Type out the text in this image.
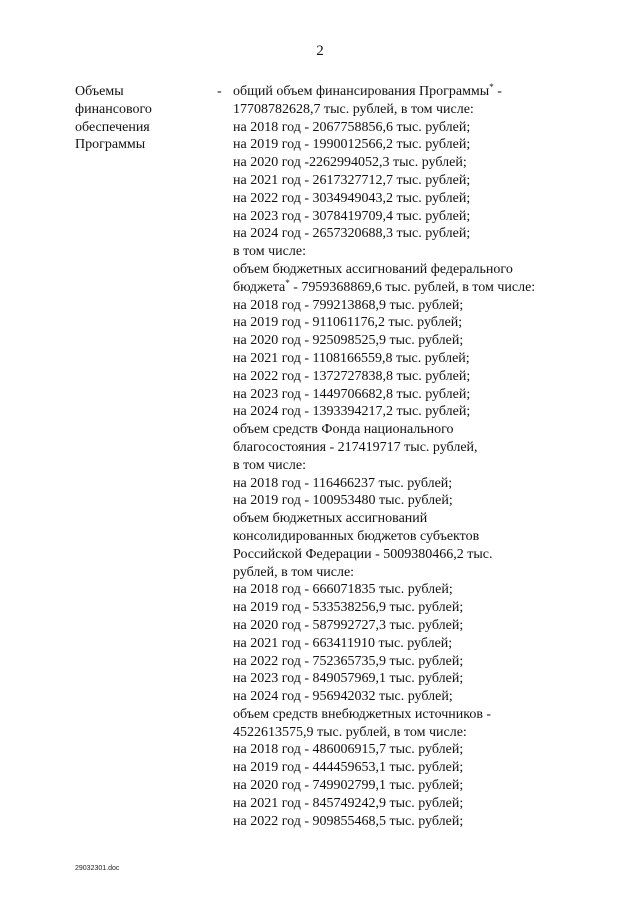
2
Объемы
финансового
обеспечения
Программы
- общий объем финансирования Программы* -
17708782628,7 тыс. рублей, в том числе:
на 2018 год - 2067758856,6 тыс. рублей;
на 2019 год - 1990012566,2 тыс. рублей;
на 2020 год -2262994052,3 тыс. рублей;
на 2021 год - 2617327712,7 тыс. рублей;
на 2022 год - 3034949043,2 тыс. рублей;
на 2023 год - 3078419709,4 тыс. рублей;
на 2024 год - 2657320688,3 тыс. рублей;
в том числе:
объем бюджетных ассигнований федерального
бюджета* - 7959368869,6 тыс. рублей, в том числе:
на 2018 год - 799213868,9 тыс. рублей;
на 2019 год - 911061176,2 тыс. рублей;
на 2020 год - 925098525,9 тыс. рублей;
на 2021 год - 1108166559,8 тыс. рублей;
на 2022 год - 1372727838,8 тыс. рублей;
на 2023 год - 1449706682,8 тыс. рублей;
на 2024 год - 1393394217,2 тыс. рублей;
объем средств Фонда национального
благосостояния - 217419717 тыс. рублей,
в том числе:
на 2018 год - 116466237 тыс. рублей;
на 2019 год - 100953480 тыс. рублей;
объем бюджетных ассигнований
консолидированных бюджетов субъектов
Российской Федерации - 5009380466,2 тыс.
рублей, в том числе:
на 2018 год - 666071835 тыс. рублей;
на 2019 год - 533538256,9 тыс. рублей;
на 2020 год - 587992727,3 тыс. рублей;
на 2021 год - 663411910 тыс. рублей;
на 2022 год - 752365735,9 тыс. рублей;
на 2023 год - 849057969,1 тыс. рублей;
на 2024 год - 956942032 тыс. рублей;
объем средств внебюджетных источников -
4522613575,9 тыс. рублей, в том числе:
на 2018 год - 486006915,7 тыс. рублей;
на 2019 год - 444459653,1 тыс. рублей;
на 2020 год - 749902799,1 тыс. рублей;
на 2021 год - 845749242,9 тыс. рублей;
на 2022 год - 909855468,5 тыс. рублей;
29032301.doc
